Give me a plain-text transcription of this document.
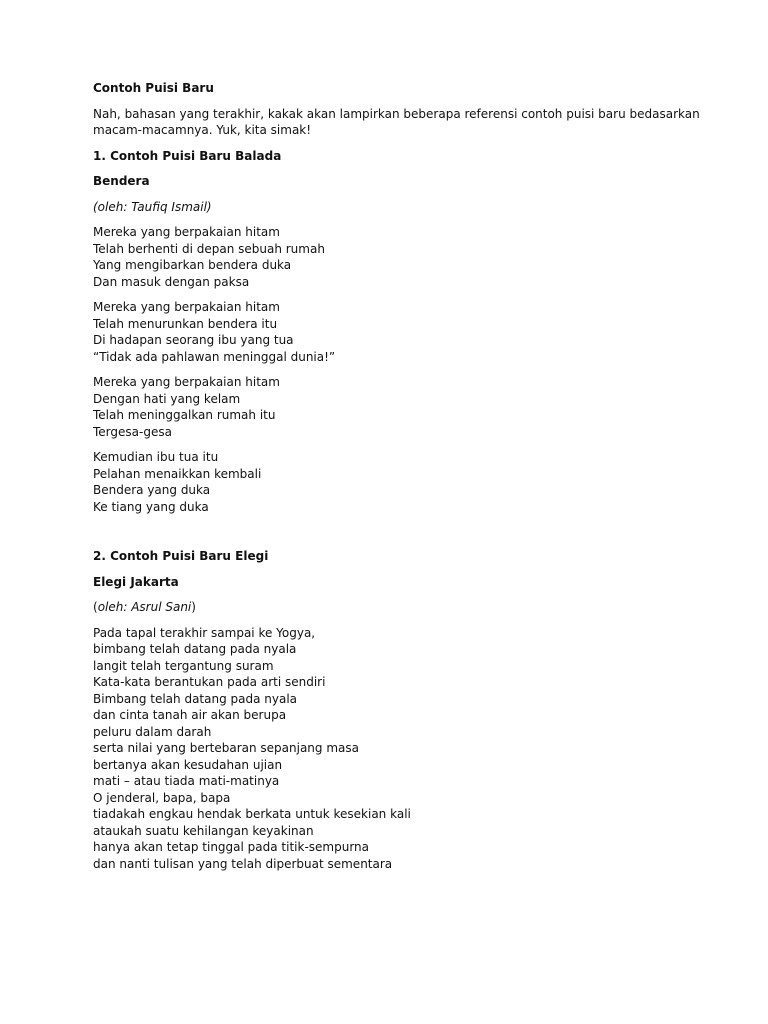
Contoh Puisi Baru
Nah, bahasan yang terakhir, kakak akan lampirkan beberapa referensi contoh puisi baru bedasarkan macam-macamnya. Yuk, kita simak!
1. Contoh Puisi Baru Balada
Bendera
(oleh: Taufiq Ismail)
Mereka yang berpakaian hitam
Telah berhenti di depan sebuah rumah
Yang mengibarkan bendera duka
Dan masuk dengan paksa
Mereka yang berpakaian hitam
Telah menurunkan bendera itu
Di hadapan seorang ibu yang tua
“Tidak ada pahlawan meninggal dunia!”
Mereka yang berpakaian hitam
Dengan hati yang kelam
Telah meninggalkan rumah itu
Tergesa-gesa
Kemudian ibu tua itu
Pelahan menaikkan kembali
Bendera yang duka
Ke tiang yang duka
2. Contoh Puisi Baru Elegi
Elegi Jakarta
(oleh: Asrul Sani)
Pada tapal terakhir sampai ke Yogya,
bimbang telah datang pada nyala
langit telah tergantung suram
Kata-kata berantukan pada arti sendiri
Bimbang telah datang pada nyala
dan cinta tanah air akan berupa
peluru dalam darah
serta nilai yang bertebaran sepanjang masa
bertanya akan kesudahan ujian
mati – atau tiada mati-matinya
O jenderal, bapa, bapa
tiadakah engkau hendak berkata untuk kesekian kali
ataukah suatu kehilangan keyakinan
hanya akan tetap tinggal pada titik-sempurna
dan nanti tulisan yang telah diperbuat sementara
